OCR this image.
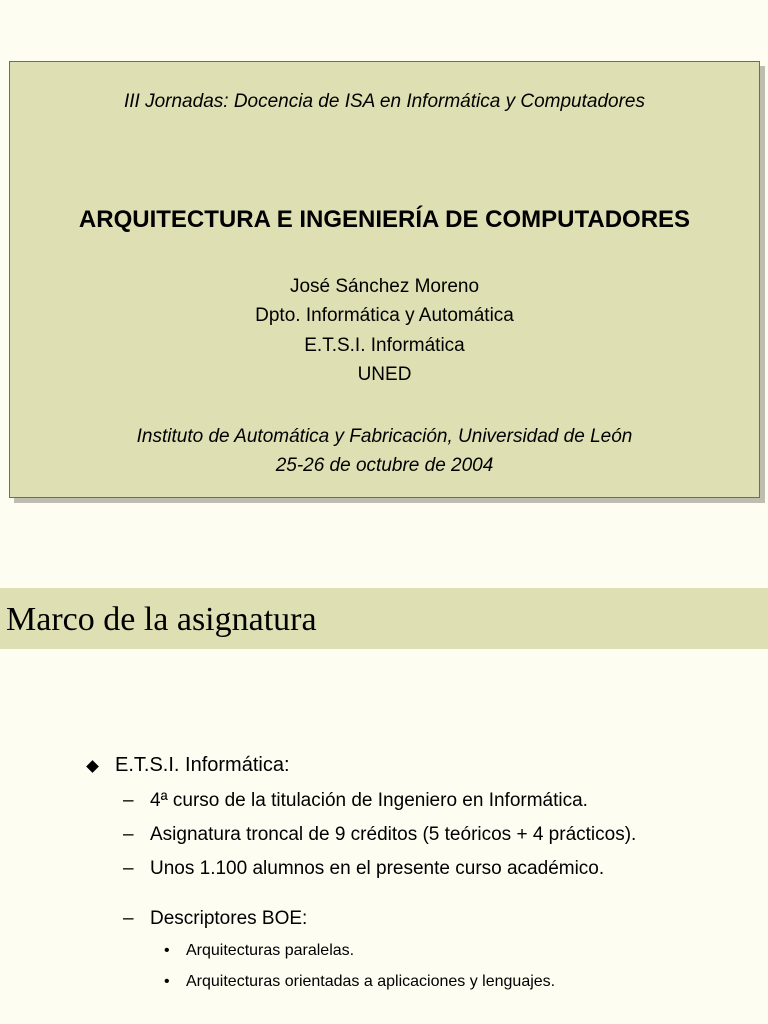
III Jornadas: Docencia de ISA en Informática y Computadores
ARQUITECTURA E INGENIERÍA DE COMPUTADORES
José Sánchez Moreno
Dpto. Informática y Automática
E.T.S.I. Informática
UNED
Instituto de Automática y Fabricación, Universidad de León
25-26 de octubre de 2004
Marco de la asignatura
E.T.S.I. Informática:
– 4ª curso de la titulación de Ingeniero en Informática.
– Asignatura troncal de 9 créditos (5 teóricos + 4 prácticos).
– Unos 1.100 alumnos en el presente curso académico.
– Descriptores BOE:
• Arquitecturas paralelas.
• Arquitecturas orientadas a aplicaciones y lenguajes.
